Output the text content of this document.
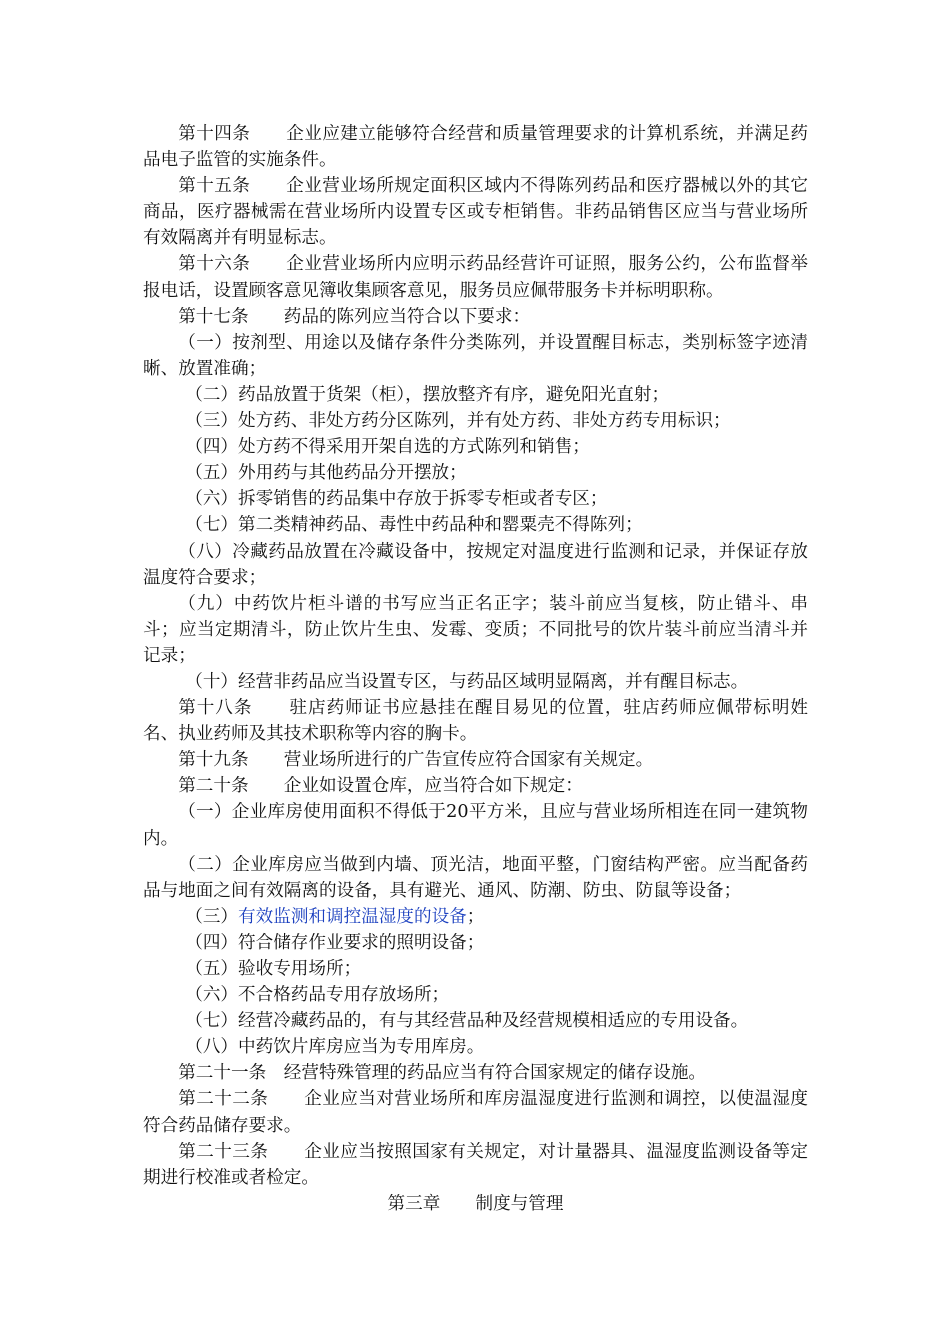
第十四条　　企业应建立能够符合经营和质量管理要求的计算机系统，并满足药品电子监管的实施条件。

第十五条　　企业营业场所规定面积区域内不得陈列药品和医疗器械以外的其它商品，医疗器械需在营业场所内设置专区或专柜销售。非药品销售区应当与营业场所有效隔离并有明显标志。

第十六条　　企业营业场所内应明示药品经营许可证照，服务公约，公布监督举报电话，设置顾客意见簿收集顾客意见，服务员应佩带服务卡并标明职称。

第十七条　　药品的陈列应当符合以下要求：

（一）按剂型、用途以及储存条件分类陈列，并设置醒目标志，类别标签字迹清晰、放置准确；

（二）药品放置于货架（柜），摆放整齐有序，避免阳光直射；

（三）处方药、非处方药分区陈列，并有处方药、非处方药专用标识；

（四）处方药不得采用开架自选的方式陈列和销售；

（五）外用药与其他药品分开摆放；

（六）拆零销售的药品集中存放于拆零专柜或者专区；

（七）第二类精神药品、毒性中药品种和罂粟壳不得陈列；

（八）冷藏药品放置在冷藏设备中，按规定对温度进行监测和记录，并保证存放温度符合要求；

（九）中药饮片柜斗谱的书写应当正名正字；装斗前应当复核，防止错斗、串斗；应当定期清斗，防止饮片生虫、发霉、变质；不同批号的饮片装斗前应当清斗并记录；

（十）经营非药品应当设置专区，与药品区域明显隔离，并有醒目标志。

第十八条　　驻店药师证书应悬挂在醒目易见的位置，驻店药师应佩带标明姓名、执业药师及其技术职称等内容的胸卡。

第十九条　　营业场所进行的广告宣传应符合国家有关规定。

第二十条　　企业如设置仓库，应当符合如下规定：

（一）企业库房使用面积不得低于20平方米，且应与营业场所相连在同一建筑物内。

（二）企业库房应当做到内墙、顶光洁，地面平整，门窗结构严密。应当配备药品与地面之间有效隔离的设备，具有避光、通风、防潮、防虫、防鼠等设备；

（三）有效监测和调控温湿度的设备；

（四）符合储存作业要求的照明设备；

（五）验收专用场所；

（六）不合格药品专用存放场所；

（七）经营冷藏药品的，有与其经营品种及经营规模相适应的专用设备。

（八）中药饮片库房应当为专用库房。

第二十一条　经营特殊管理的药品应当有符合国家规定的储存设施。

第二十二条　　企业应当对营业场所和库房温湿度进行监测和调控，以使温湿度符合药品储存要求。

第二十三条　　企业应当按照国家有关规定，对计量器具、温湿度监测设备等定期进行校准或者检定。

第三章　　制度与管理
